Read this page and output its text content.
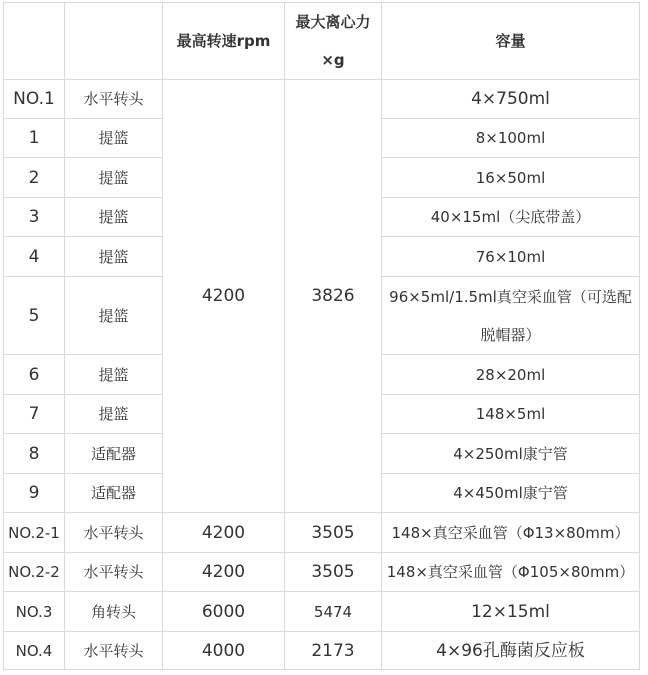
		最高转速rpm	最大离心力×g	容量
NO.1	水平转头	4200	3826	4×750ml
1	提篮			8×100ml
2	提篮			16×50ml
3	提篮			40×15ml（尖底带盖）
4	提篮			76×10ml
5	提篮			96×5ml/1.5ml真空采血管（可选配脱帽器）
6	提篮			28×20ml
7	提篮			148×5ml
8	适配器			4×250ml康宁管
9	适配器			4×450ml康宁管
NO.2-1	水平转头	4200	3505	148×真空采血管（Φ13×80mm）
NO.2-2	水平转头	4200	3505	148×真空采血管（Φ105×80mm）
NO.3	角转头	6000	5474	12×15ml
NO.4	水平转头	4000	2173	4×96孔酶菌反应板
